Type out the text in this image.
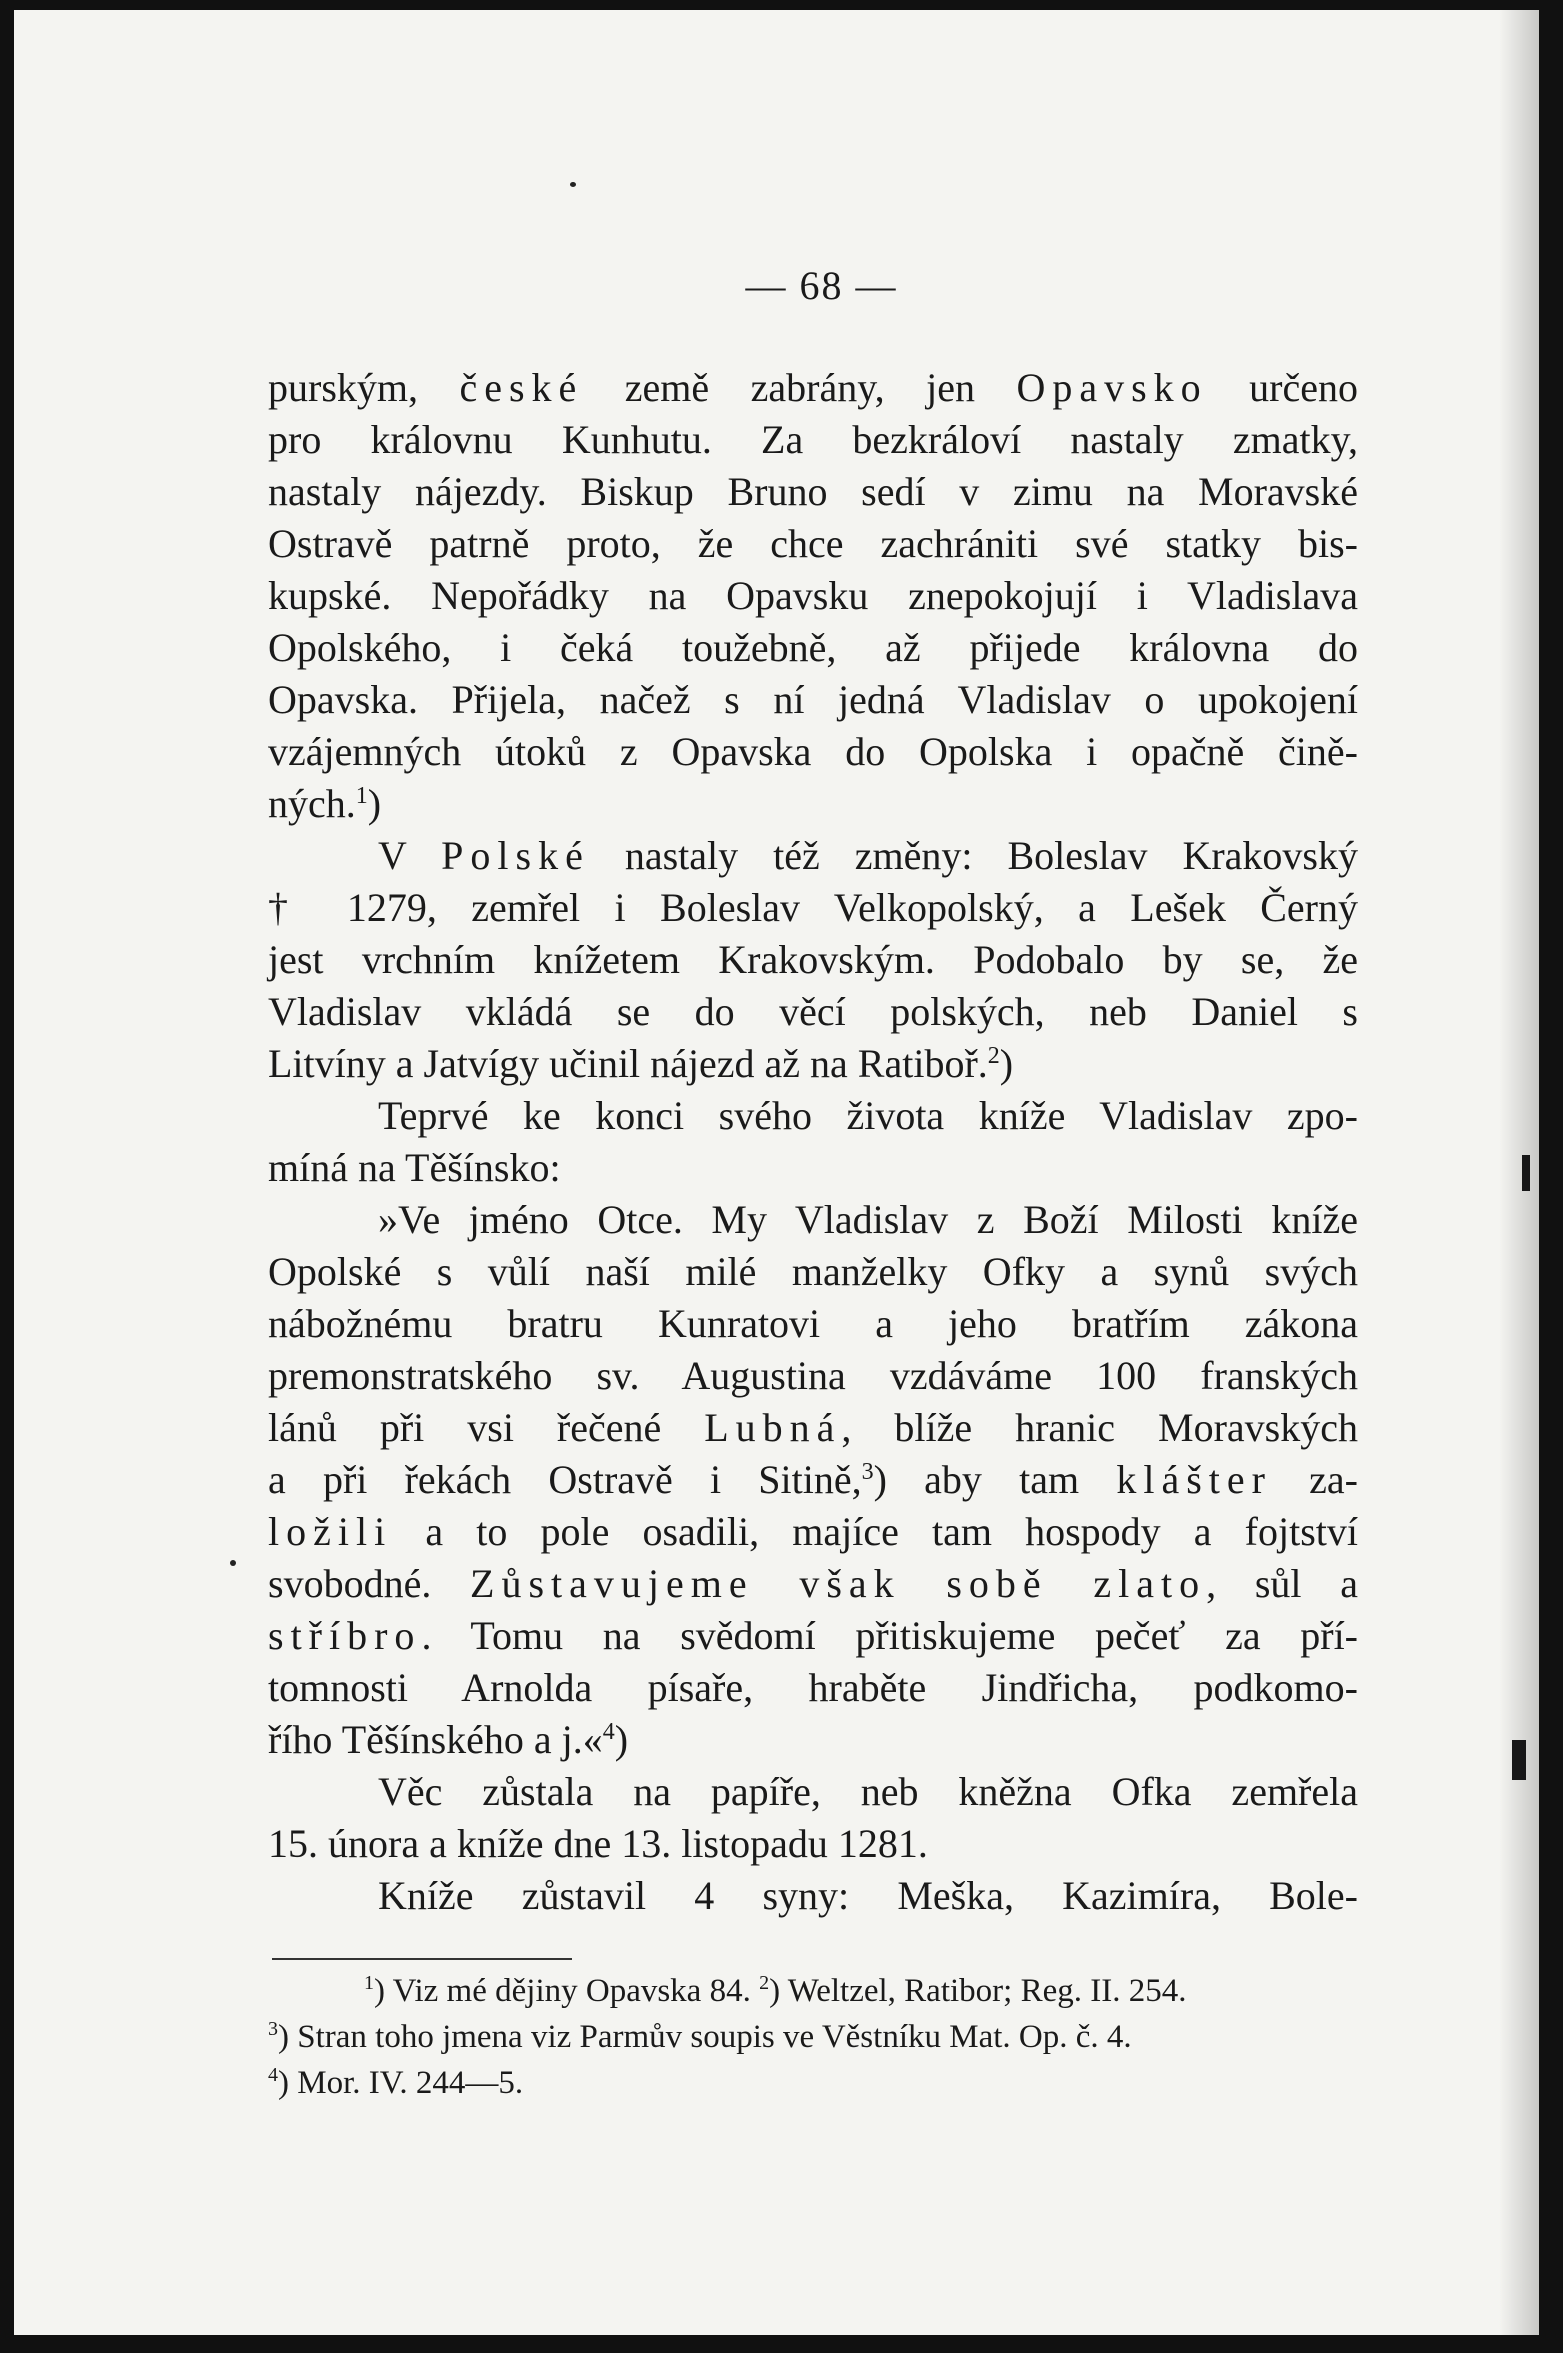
— 68 —
purským, české země zabrány, jen Opavsko určeno
pro královnu Kunhutu. Za bezkráloví nastaly zmatky,
nastaly nájezdy. Biskup Bruno sedí v zimu na Moravské
Ostravě patrně proto, že chce zachrániti své statky bis-
kupské. Nepořádky na Opavsku znepokojují i Vladislava
Opolského, i čeká toužebně, až přijede královna do
Opavska. Přijela, načež s ní jedná Vladislav o upokojení
vzájemných útoků z Opavska do Opolska i opačně čině-
ných.$^1$)
V Polské nastaly též změny: Boleslav Krakovský
† 1279, zemřel i Boleslav Velkopolský, a Lešek Černý
jest vrchním knížetem Krakovským. Podobalo by se, že
Vladislav vkládá se do věcí polských, neb Daniel s
Litvíny a Jatvígy učinil nájezd až na Ratiboř.$^2$)
Teprvé ke konci svého života kníže Vladislav zpo-
míná na Těšínsko:
»Ve jméno Otce. My Vladislav z Boží Milosti kníže
Opolské s vůlí naší milé manželky Ofky a synů svých
nábožnému bratru Kunratovi a jeho bratřím zákona
premonstratského sv. Augustina vzdáváme 100 franských
lánů při vsi řečené Lubná, blíže hranic Moravských
a při řekách Ostravě i Sitině,$^3$) aby tam klášter za-
ložili a to pole osadili, majíce tam hospody a fojtství
svobodné. Zůstavujeme však sobě zlato, sůl a
stříbro. Tomu na svědomí přitiskujeme pečeť za pří-
tomnosti Arnolda písaře, hraběte Jindřicha, podkomo-
řího Těšínského a j.«$^4$)
Věc zůstala na papíře, neb kněžna Ofka zemřela
15. února a kníže dne 13. listopadu 1281.
Kníže zůstavil 4 syny: Meška, Kazimíra, Bole-
$^1$) Viz mé dějiny Opavska 84. $^2$) Weltzel, Ratibor; Reg. II. 254.
$^3$) Stran toho jmena viz Parmův soupis ve Věstníku Mat. Op. č. 4.
$^4$) Mor. IV. 244—5.
